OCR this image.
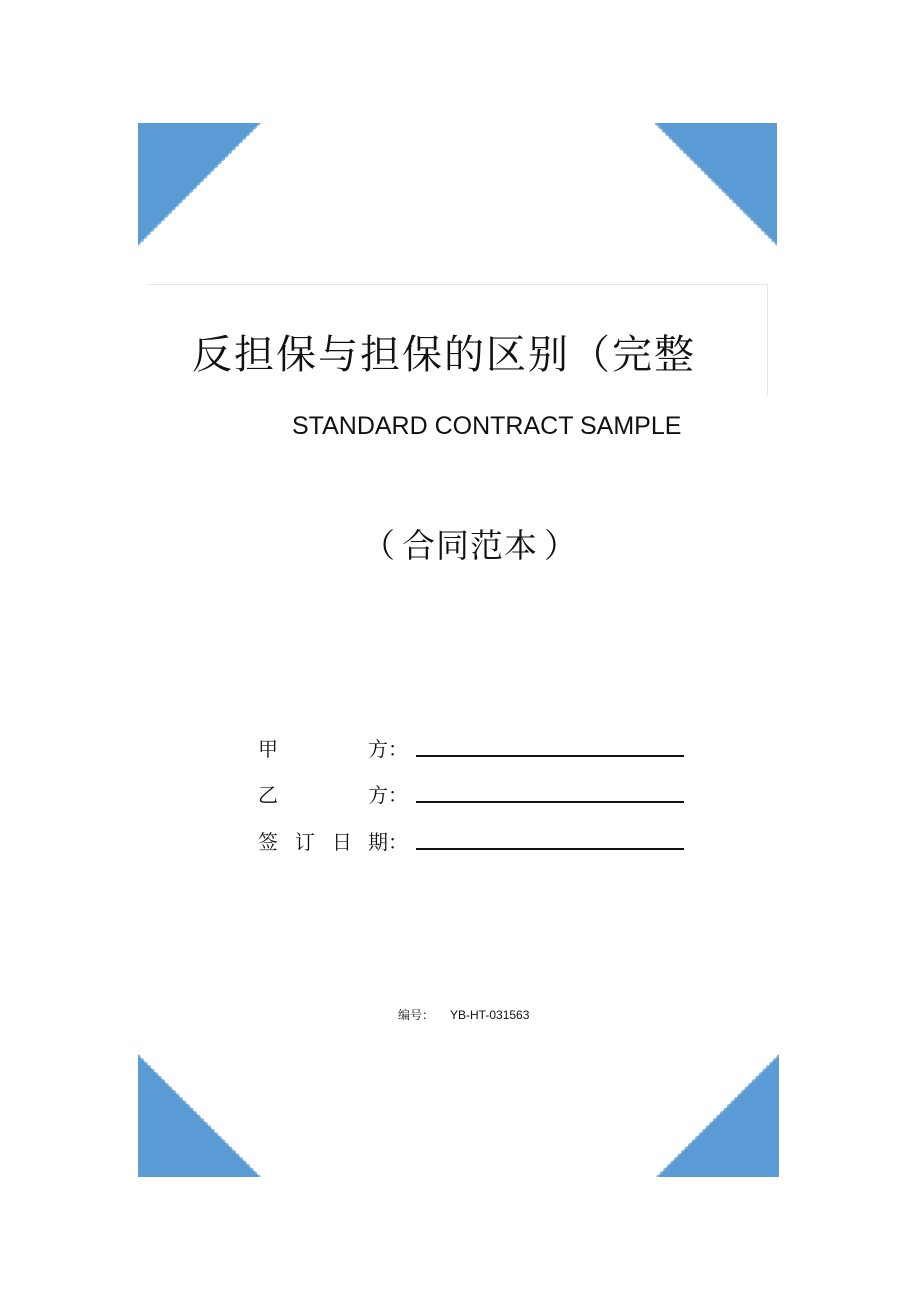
反担保与担保的区别（完整
STANDARD CONTRACT SAMPLE
（ 合同范本 ）
甲	方：
乙	方：
签 订 日 期：
编号： YB-HT-031563
